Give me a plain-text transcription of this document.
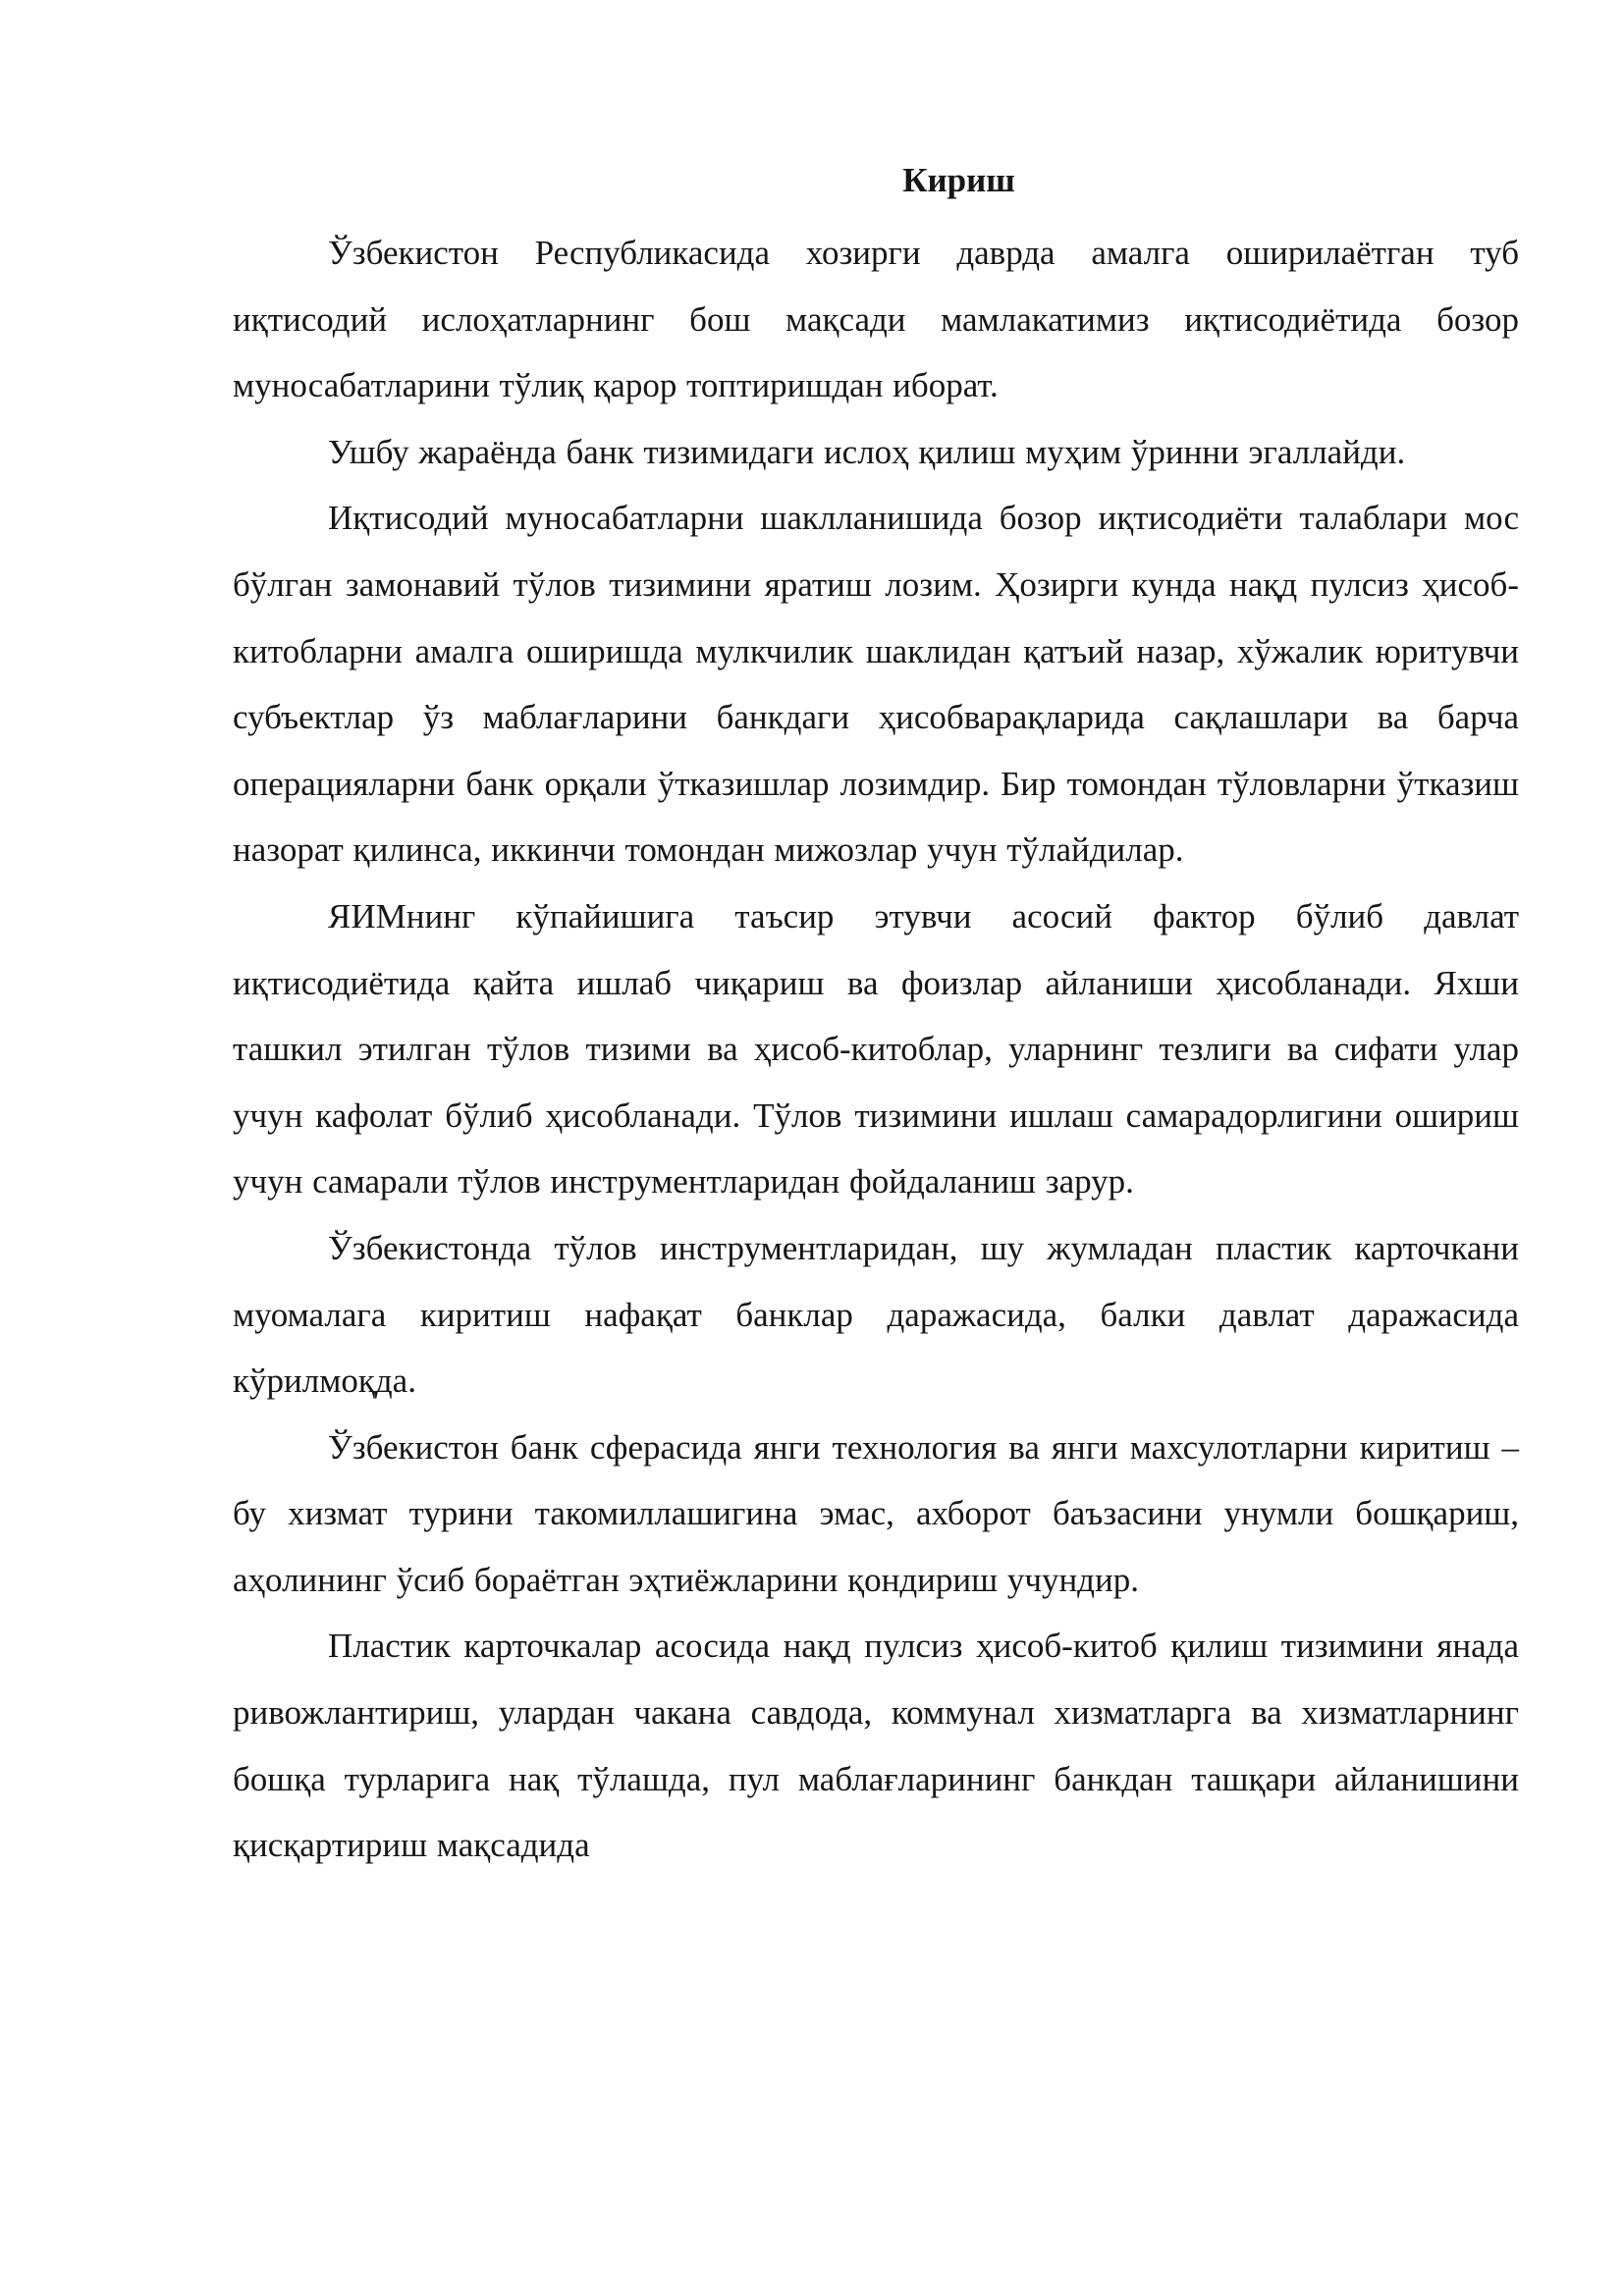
Кириш

Ўзбекистон Республикасида хозирги даврда амалга оширилаётган туб иқтисодий ислоҳатларнинг бош мақсади мамлакатимиз иқтисодиётида бозор муносабатларини тўлиқ қарор топтиришдан иборат.

Ушбу жараёнда банк тизимидаги ислоҳ қилиш муҳим ўринни эгаллайди.

Иқтисодий муносабатларни шаклланишида бозор иқтисодиёти талаблари мос бўлган замонавий тўлов тизимини яратиш лозим. Ҳозирги кунда нақд пулсиз ҳисоб-китобларни амалга оширишда мулкчилик шаклидан қатъий назар, хўжалик юритувчи субъектлар ўз маблағларини банкдаги ҳисобварақларида сақлашлари ва барча операцияларни банк орқали ўтказишлар лозимдир. Бир томондан тўловларни ўтказиш назорат қилинса, иккинчи томондан мижозлар учун тўлайдилар.

ЯИМнинг кўпайишига таъсир этувчи асосий фактор бўлиб давлат иқтисодиётида қайта ишлаб чиқариш ва фоизлар айланиши ҳисобланади. Яхши ташкил этилган тўлов тизими ва ҳисоб-китоблар, уларнинг тезлиги ва сифати улар учун кафолат бўлиб ҳисобланади. Тўлов тизимини ишлаш самарадорлигини ошириш учун самарали тўлов инструментларидан фойдаланиш зарур.

Ўзбекистонда тўлов инструментларидан, шу жумладан пластик карточкани муомалага киритиш нафақат банклар даражасида, балки давлат даражасида кўрилмоқда.

Ўзбекистон банк сферасида янги технология ва янги махсулотларни киритиш – бу хизмат турини такомиллашигина эмас, ахборот баъзасини унумли бошқариш, аҳолининг ўсиб бораётган эҳтиёжларини қондириш учундир.

Пластик карточкалар асосида нақд пулсиз ҳисоб-китоб қилиш тизимини янада ривожлантириш, улардан чакана савдода, коммунал хизматларга ва хизматларнинг бошқа турларига нақ тўлашда, пул маблағларининг банкдан ташқари айланишини қисқартириш мақсадида
